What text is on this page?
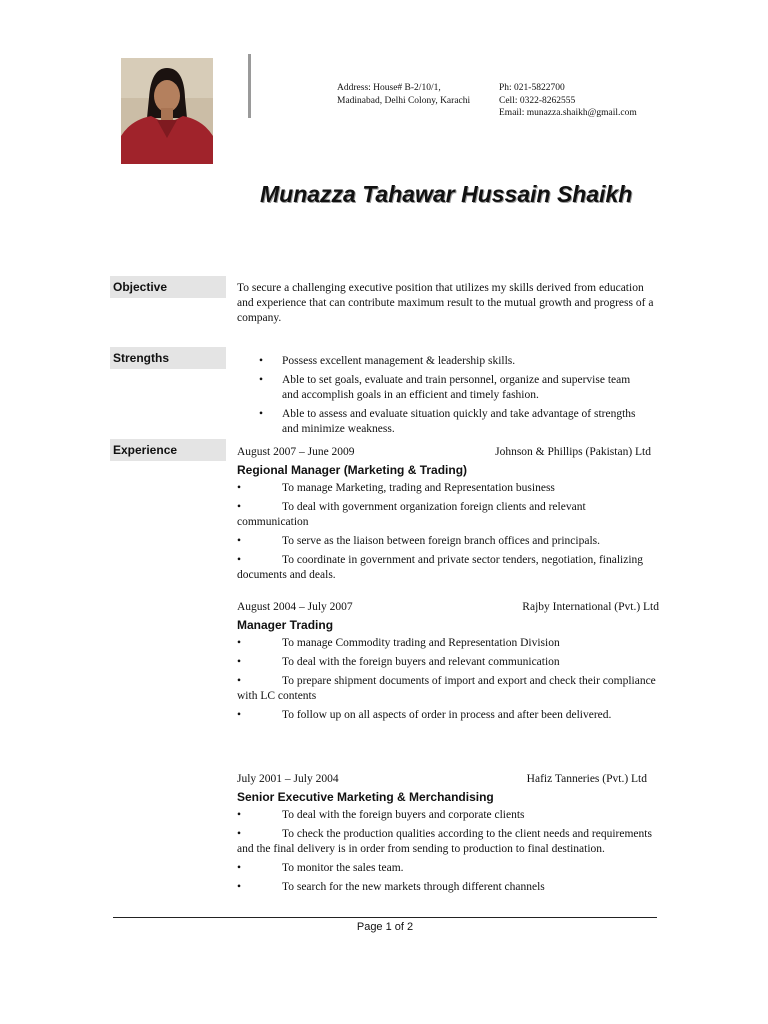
Address: House# B-2/10/1,
Madinabad, Delhi Colony, Karachi
Ph: 021-5822700
Cell: 0322-8262555
Email: munazza.shaikh@gmail.com
Munazza Tahawar Hussain Shaikh
Objective	To secure a challenging executive position that utilizes my skills derived from education and experience that can contribute maximum result to the mutual growth and progress of a company.
Strengths	• Possess excellent management & leadership skills.
• Able to set goals, evaluate and train personnel, organize and supervise team and accomplish goals in an efficient and timely fashion.
• Able to assess and evaluate situation quickly and take advantage of strengths and minimize weakness.
Experience	August 2007 – June 2009	Johnson & Phillips (Pakistan) Ltd
Regional Manager (Marketing & Trading)
•	To manage Marketing, trading and Representation business
•	To deal with government organization foreign clients and relevant communication
•	To serve as the liaison between foreign branch offices and principals.
•	To coordinate in government and private sector tenders, negotiation, finalizing documents and deals.
August 2004 – July 2007	Rajby International (Pvt.) Ltd
Manager Trading
•	To manage Commodity trading and Representation Division
•	To deal with the foreign buyers and relevant communication
•	To prepare shipment documents of import and export and check their compliance with LC contents
•	To follow up on all aspects of order in process and after been delivered.
July 2001 – July 2004	Hafiz Tanneries (Pvt.) Ltd
Senior Executive Marketing & Merchandising
•	To deal with the foreign buyers and corporate clients
•	To check the production qualities according to the client needs and requirements and the final delivery is in order from sending to production to final destination.
•	To monitor the sales team.
•	To search for the new markets through different channels
Page 1 of 2
